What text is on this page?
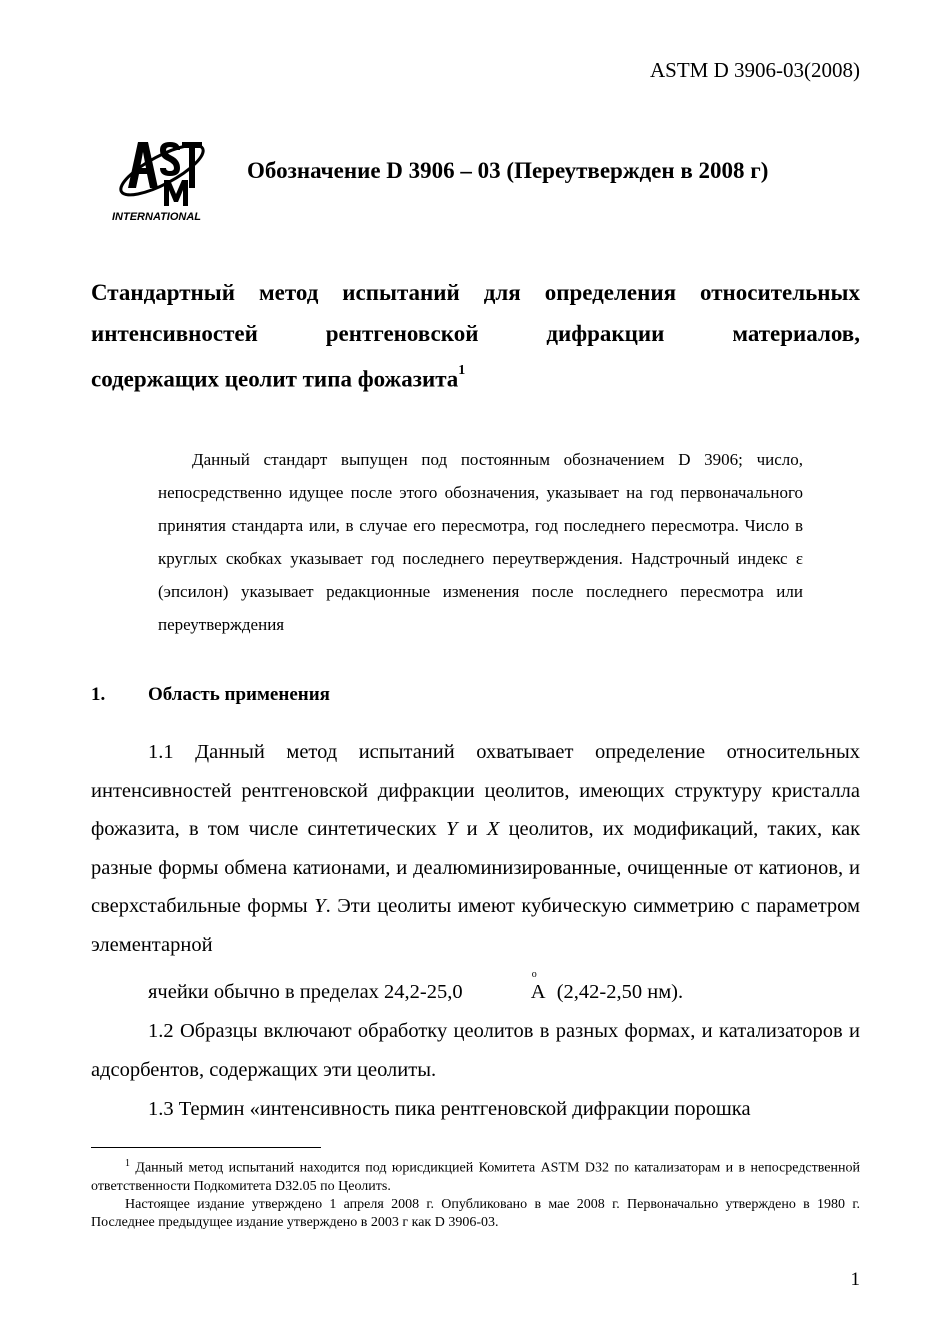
ASTM D 3906-03(2008)
INTERNATIONAL
Обозначение D 3906 – 03 (Переутвержден в 2008 г)
Стандартный метод испытаний для определения относительных
интенсивностей	рентгеновской	дифракции	материалов,
содержащих цеолит типа фожазита$^1$
Данный стандарт выпущен под постоянным обозначением D 3906; число, непосредственно идущее после этого обозначения, указывает на год первоначального принятия стандарта или, в случае его пересмотра, год последнего пересмотра. Число в круглых скобках указывает год последнего переутверждения. Надстрочный индекс ε (эпсилон) указывает редакционные изменения после последнего пересмотра или переутверждения
1. Область применения

1.1 Данный метод испытаний охватывает определение относительных интенсивностей рентгеновской дифракции цеолитов, имеющих структуру кристалла фожазита, в том числе синтетических Y и X цеолитов, их модификаций, таких, как разные формы обмена катионами, и деалюминизированные, очищенные от катионов, и сверхстабильные формы Y. Эти цеолиты имеют кубическую симметрию с параметром элементарной
ячейки обычно в пределах 24,2-25,0
o
А (2,42-2,50 нм).

1.2 Образцы включают обработку цеолитов в разных формах, и катализаторов и адсорбентов, содержащих эти цеолиты.

1.3 Термин «интенсивность пика рентгеновской дифракции порошка

$^1$ Данный метод испытаний находится под юрисдикцией Комитета ASTM D32 по катализаторам и в непосредственной ответственности Подкомитета D32.05 по Цеолитs.

Настоящее издание утверждено 1 апреля 2008 г. Опубликовано в мае 2008 г. Первоначально утверждено в 1980 г. Последнее предыдущее издание утверждено в 2003 г как D 3906-03.

1
